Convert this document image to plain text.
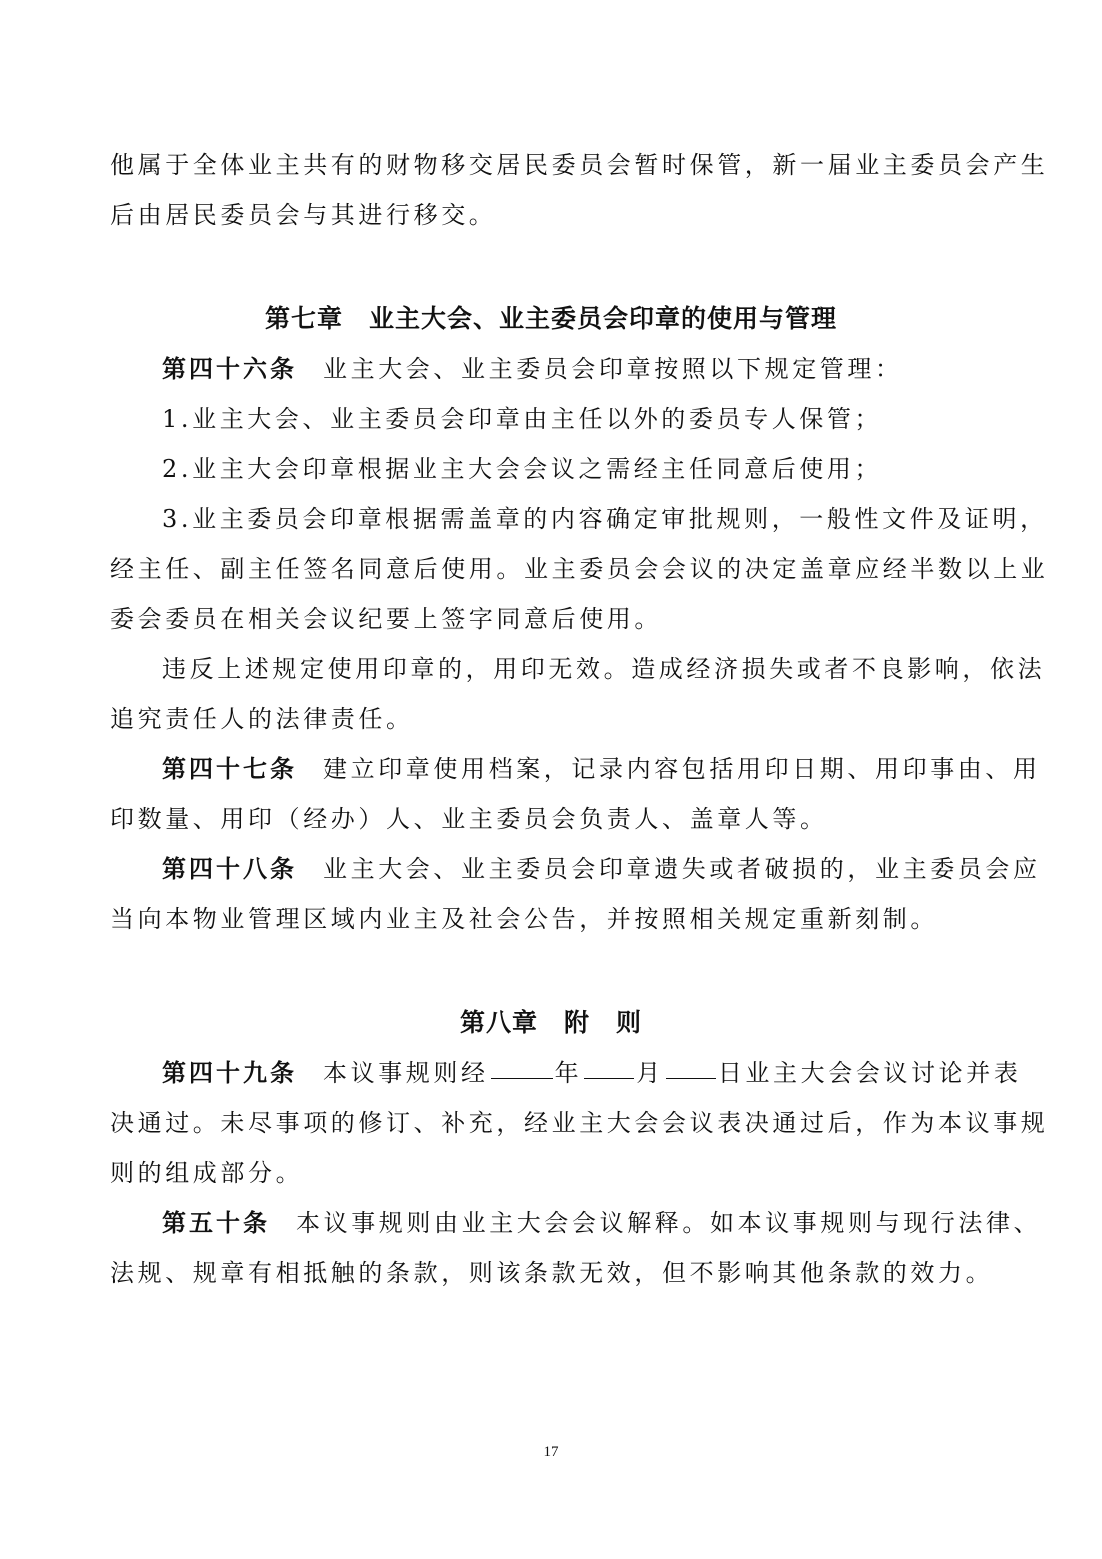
他属于全体业主共有的财物移交居民委员会暂时保管，新一届业主委员会产生
后由居民委员会与其进行移交。
第七章　业主大会、业主委员会印章的使用与管理
第四十六条 业主大会、业主委员会印章按照以下规定管理：
1.业主大会、业主委员会印章由主任以外的委员专人保管；
2.业主大会印章根据业主大会会议之需经主任同意后使用；
3.业主委员会印章根据需盖章的内容确定审批规则，一般性文件及证明，
经主任、副主任签名同意后使用。业主委员会会议的决定盖章应经半数以上业
委会委员在相关会议纪要上签字同意后使用。
违反上述规定使用印章的，用印无效。造成经济损失或者不良影响，依法
追究责任人的法律责任。
第四十七条 建立印章使用档案，记录内容包括用印日期、用印事由、用
印数量、用印（经办）人、业主委员会负责人、盖章人等。
第四十八条 业主大会、业主委员会印章遗失或者破损的，业主委员会应
当向本物业管理区域内业主及社会公告，并按照相关规定重新刻制。
第八章　附　则
第四十九条 本议事规则经	年 月 日业主大会会议讨论并表
决通过。未尽事项的修订、补充，经业主大会会议表决通过后，作为本议事规
则的组成部分。
第五十条 本议事规则由业主大会会议解释。如本议事规则与现行法律、
法规、规章有相抵触的条款，则该条款无效，但不影响其他条款的效力。
17
